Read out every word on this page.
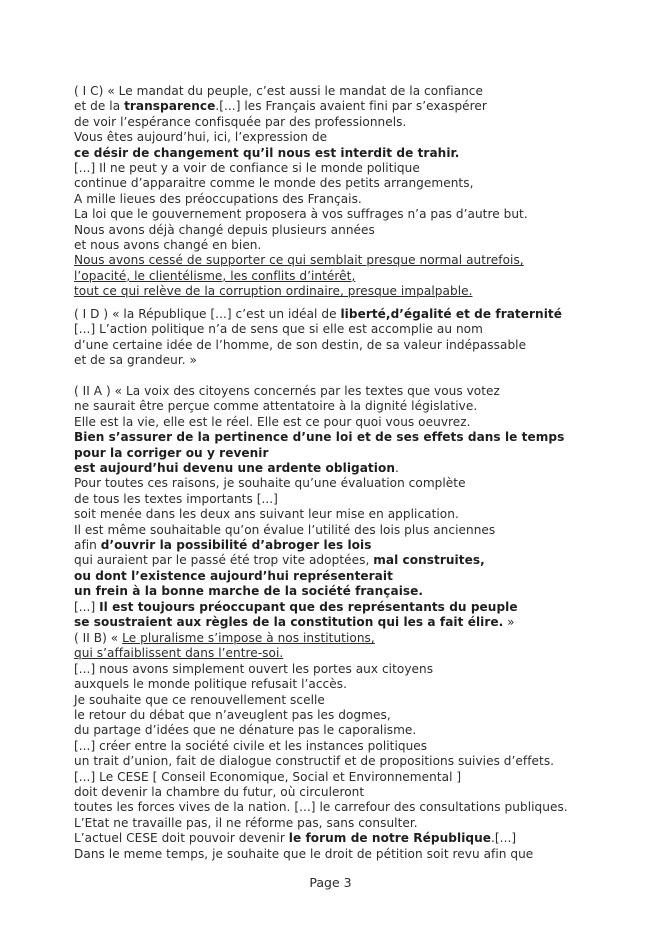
( I C) « Le mandat du peuple, c’est aussi le mandat de la confiance
et de la transparence.[...] les Français avaient fini par s’exaspérer
de voir l’espérance confisquée par des professionnels.
Vous êtes aujourd’hui, ici, l’expression de
ce désir de changement qu’il nous est interdit de trahir.
[...] Il ne peut y a voir de confiance si le monde politique
continue d’apparaitre comme le monde des petits arrangements,
A mille lieues des préoccupations des Français.
La loi que le gouvernement proposera à vos suffrages n’a pas d’autre but.
Nous avons déjà changé depuis plusieurs années
et nous avons changé en bien.
Nous avons cessé de supporter ce qui semblait presque normal autrefois,
l’opacité, le clientélisme, les conflits d’intérêt,
tout ce qui relève de la corruption ordinaire, presque impalpable.
( I D ) « la République [...] c’est un idéal de liberté,d’égalité et de fraternité
[...] L’action politique n’a de sens que si elle est accomplie au nom
d’une certaine idée de l’homme, de son destin, de sa valeur indépassable
et de sa grandeur. »
( II A ) « La voix des citoyens concernés par les textes que vous votez
ne saurait être perçue comme attentatoire à la dignité législative.
Elle est la vie, elle est le réel. Elle est ce pour quoi vous oeuvrez.
Bien s’assurer de la pertinence d’une loi et de ses effets dans le temps
pour la corriger ou y revenir
est aujourd’hui devenu une ardente obligation.
Pour toutes ces raisons, je souhaite qu’une évaluation complète
de tous les textes importants [...]
soit menée dans les deux ans suivant leur mise en application.
Il est même souhaitable qu’on évalue l’utilité des lois plus anciennes
afin d’ouvrir la possibilité d’abroger les lois
qui auraient par le passé été trop vite adoptées, mal construites,
ou dont l’existence aujourd’hui représenterait
un frein à la bonne marche de la société française.
[...] Il est toujours préoccupant que des représentants du peuple
se soustraient aux règles de la constitution qui les a fait élire. »
( II B) « Le pluralisme s’impose à nos institutions,
qui s’affaiblissent dans l’entre-soi.
[...] nous avons simplement ouvert les portes aux citoyens
auxquels le monde politique refusait l’accès.
Je souhaite que ce renouvellement scelle
le retour du débat que n’aveuglent pas les dogmes,
du partage d’idées que ne dénature pas le caporalisme.
[...] créer entre la société civile et les instances politiques
un trait d’union, fait de dialogue constructif et de propositions suivies d’effets.
[...] Le CESE [ Conseil Economique, Social et Environnemental ]
doit devenir la chambre du futur, où circuleront
toutes les forces vives de la nation. [...] le carrefour des consultations publiques.
L’Etat ne travaille pas, il ne réforme pas, sans consulter.
L’actuel CESE doit pouvoir devenir le forum de notre République.[...]
Dans le meme temps, je souhaite que le droit de pétition soit revu afin que
Page 3
